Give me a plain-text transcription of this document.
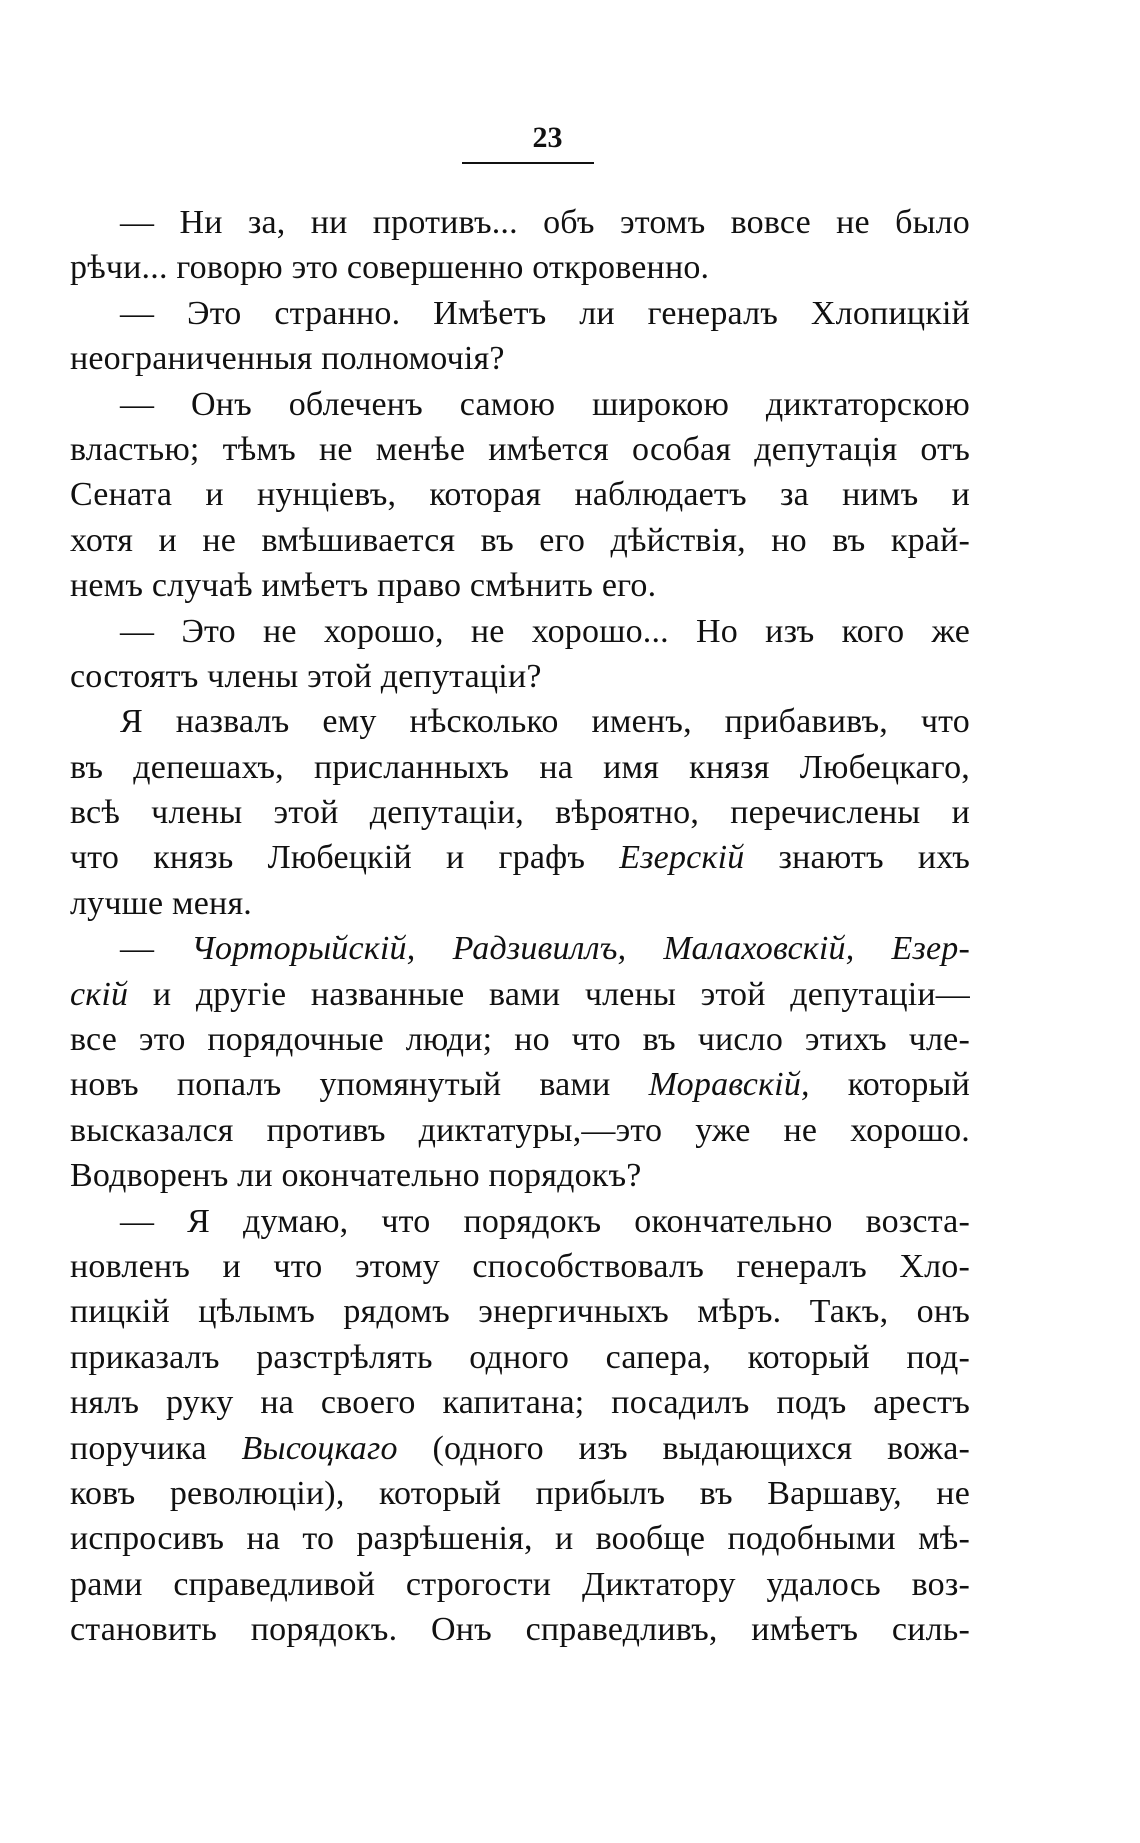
23
— Ни за, ни противъ... объ этомъ вовсе не было
рѣчи... говорю это совершенно откровенно.
— Это странно. Имѣетъ ли генералъ Хлопицкій
неограниченныя полномочія?
— Онъ облеченъ самою широкою диктаторскою
властью; тѣмъ не менѣе имѣется особая депутація отъ
Сената и нунціевъ, которая наблюдаетъ за нимъ и
хотя и не вмѣшивается въ его дѣйствія, но въ край-
немъ случаѣ имѣетъ право смѣнить его.
— Это не хорошо, не хорошо... Но изъ кого же
состоятъ члены этой депутаціи?
Я назвалъ ему нѣсколько именъ, прибавивъ, что
въ депешахъ, присланныхъ на имя князя Любецкаго,
всѣ члены этой депутаціи, вѣроятно, перечислены и
что князь Любецкій и графъ Езерскій знаютъ ихъ
лучше меня.
— Чорторыйскій, Радзивиллъ, Малаховскій, Езер-
скій и другіе названные вами члены этой депутаціи—
все это порядочные люди; но что въ число этихъ чле-
новъ попалъ упомянутый вами Моравскій, который
высказался противъ диктатуры,—это уже не хорошо.
Водворенъ ли окончательно порядокъ?
— Я думаю, что порядокъ окончательно возста-
новленъ и что этому способствовалъ генералъ Хло-
пицкій цѣлымъ рядомъ энергичныхъ мѣръ. Такъ, онъ
приказалъ разстрѣлять одного сапера, который под-
нялъ руку на своего капитана; посадилъ подъ арестъ
поручика Высоцкаго (одного изъ выдающихся вожа-
ковъ революціи), который прибылъ въ Варшаву, не
испросивъ на то разрѣшенія, и вообще подобными мѣ-
рами справедливой строгости Диктатору удалось воз-
становить порядокъ. Онъ справедливъ, имѣетъ силь-
